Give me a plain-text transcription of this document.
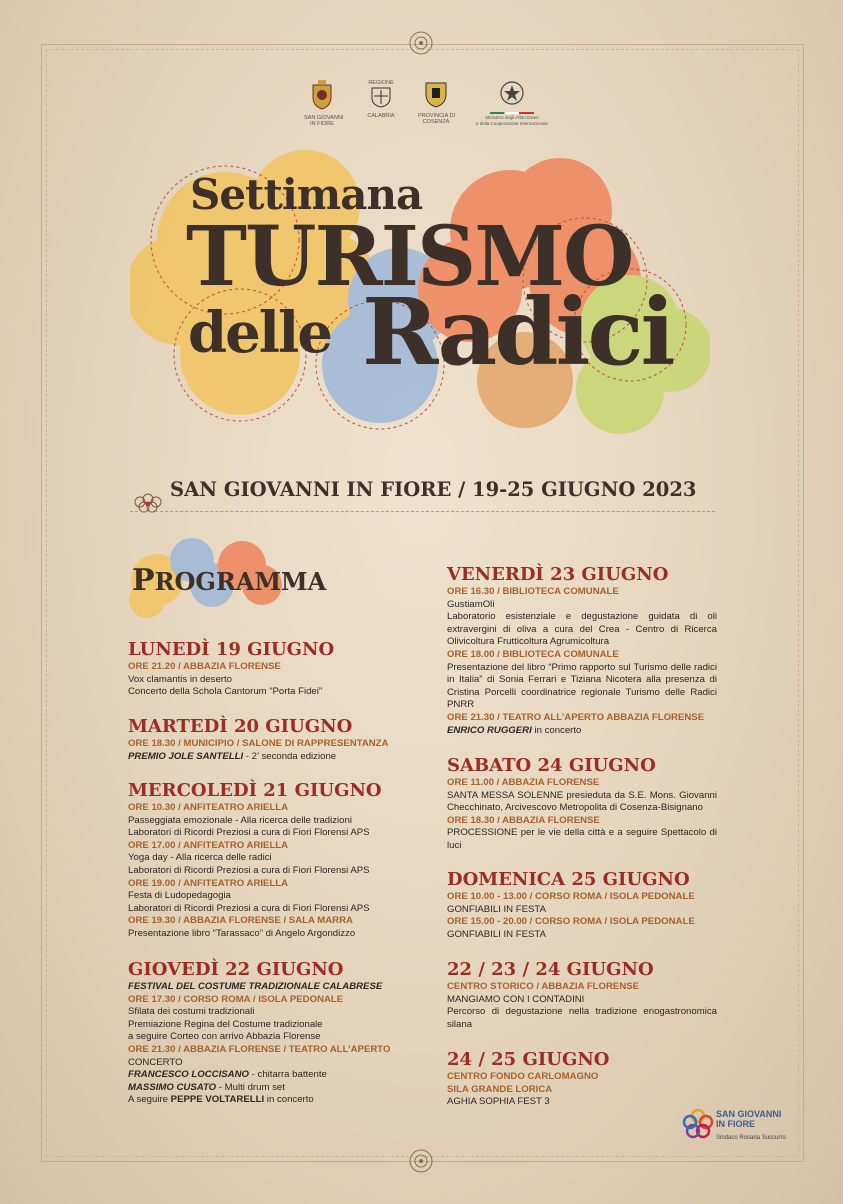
SAN GIOVANNI
IN FIORE
REGIONE
CALABRIA	PROVINCIA DI
COSENZA
Ministero degli Affari Esteri
e della Cooperazione Internazionale
Settimana
TURISMO
delle Radici
SAN GIOVANNI IN FIORE / 19-25 GIUGNO 2023
PROGRAMMA
LUNEDÌ 19 GIUGNO
ORE 21.20 / ABBAZIA FLORENSE
Vox clamantis in deserto
Concerto della Schola Cantorum “Porta Fidei”
MARTEDÌ 20 GIUGNO
ORE 18.30 / MUNICIPIO / SALONE DI RAPPRESENTANZA
PREMIO JOLE SANTELLI - 2’ seconda edizione
MERCOLEDÌ 21 GIUGNO
ORE 10.30 / ANFITEATRO ARIELLA
Passeggiata emozionale - Alla ricerca delle tradizioni
Laboratori di Ricordi Preziosi a cura di Fiori Florensi APS
ORE 17.00 / ANFITEATRO ARIELLA
Yoga day - Alla ricerca delle radici
Laboratori di Ricordi Preziosi a cura di Fiori Florensi APS
ORE 19.00 / ANFITEATRO ARIELLA
Festa di Ludopedagogia
Laboratori di Ricordi Preziosi a cura di Fiori Florensi APS
ORE 19.30 / ABBAZIA FLORENSE / SALA MARRA
Presentazione libro “Tarassaco” di Angelo Argondizzo
GIOVEDÌ 22 GIUGNO
FESTIVAL DEL COSTUME TRADIZIONALE CALABRESE
ORE 17.30 / CORSO ROMA / ISOLA PEDONALE
Sfilata dei costumi tradizionali
Premiazione Regina del Costume tradizionale
a seguire Corteo con arrivo Abbazia Florense
ORE 21.30 / ABBAZIA FLORENSE / TEATRO ALL’APERTO
CONCERTO
FRANCESCO LOCCISANO - chitarra battente
MASSIMO CUSATO - Multi drum set
A seguire PEPPE VOLTARELLI in concerto
VENERDÌ 23 GIUGNO
ORE 16.30 / BIBLIOTECA COMUNALE
GustiamOli
Laboratorio esistenziale e degustazione guidata di oli extravergini di oliva a cura del Crea - Centro di Ricerca Olivicoltura Frutticoltura Agrumicoltura
ORE 18.00 / BIBLIOTECA COMUNALE
Presentazione del libro “Primo rapporto sul Turismo delle radici in Italia” di Sonia Ferrari e Tiziana Nicotera alla presenza di Cristina Porcelli coordinatrice regionale Turismo delle Radici PNRR
ORE 21.30 / TEATRO ALL’APERTO ABBAZIA FLORENSE
ENRICO RUGGERI in concerto
SABATO 24 GIUGNO
ORE 11.00 / ABBAZIA FLORENSE
SANTA MESSA SOLENNE presieduta da S.E. Mons. Giovanni Checchinato, Arcivescovo Metropolita di Cosenza-Bisignano
ORE 18.30 / ABBAZIA FLORENSE
PROCESSIONE per le vie della città e a seguire Spettacolo di luci
DOMENICA 25 GIUGNO
ORE 10.00 - 13.00 / CORSO ROMA / ISOLA PEDONALE
GONFIABILI IN FESTA
ORE 15.00 - 20.00 / CORSO ROMA / ISOLA PEDONALE
GONFIABILI IN FESTA
22 / 23 / 24 GIUGNO
CENTRO STORICO / ABBAZIA FLORENSE
MANGIAMO CON I CONTADINI
Percorso di degustazione nella tradizione enogastronomica silana
24 / 25 GIUGNO
CENTRO FONDO CARLOMAGNO
SILA GRANDE LORICA
AGHIA SOPHIA FEST 3
SAN GIOVANNI
IN FIORE
Sindaco Rosaria Succurro
